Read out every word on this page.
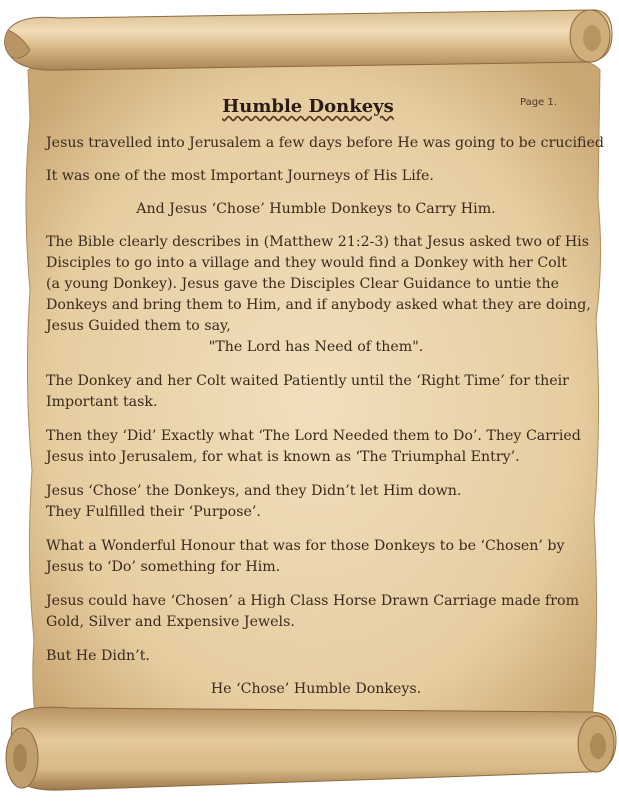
Humble Donkeys	Page 1.
Jesus travelled into Jerusalem a few days before He was going to be crucified
It was one of the most Important Journeys of His Life.
And Jesus ‘Chose’ Humble Donkeys to Carry Him.
The Bible clearly describes in (Matthew 21:2-3) that Jesus asked two of His
Disciples to go into a village and they would find a Donkey with her Colt
(a young Donkey). Jesus gave the Disciples Clear Guidance to untie the
Donkeys and bring them to Him, and if anybody asked what they are doing,
Jesus Guided them to say,
"The Lord has Need of them".
The Donkey and her Colt waited Patiently until the ‘Right Time’ for their
Important task.
Then they ‘Did’ Exactly what ‘The Lord Needed them to Do’. They Carried
Jesus into Jerusalem, for what is known as ‘The Triumphal Entry’.
Jesus ‘Chose’ the Donkeys, and they Didn’t let Him down.
They Fulfilled their ‘Purpose’.
What a Wonderful Honour that was for those Donkeys to be ‘Chosen’ by
Jesus to ‘Do’ something for Him.
Jesus could have ‘Chosen’ a High Class Horse Drawn Carriage made from
Gold, Silver and Expensive Jewels.
But He Didn’t.
He ‘Chose’ Humble Donkeys.
